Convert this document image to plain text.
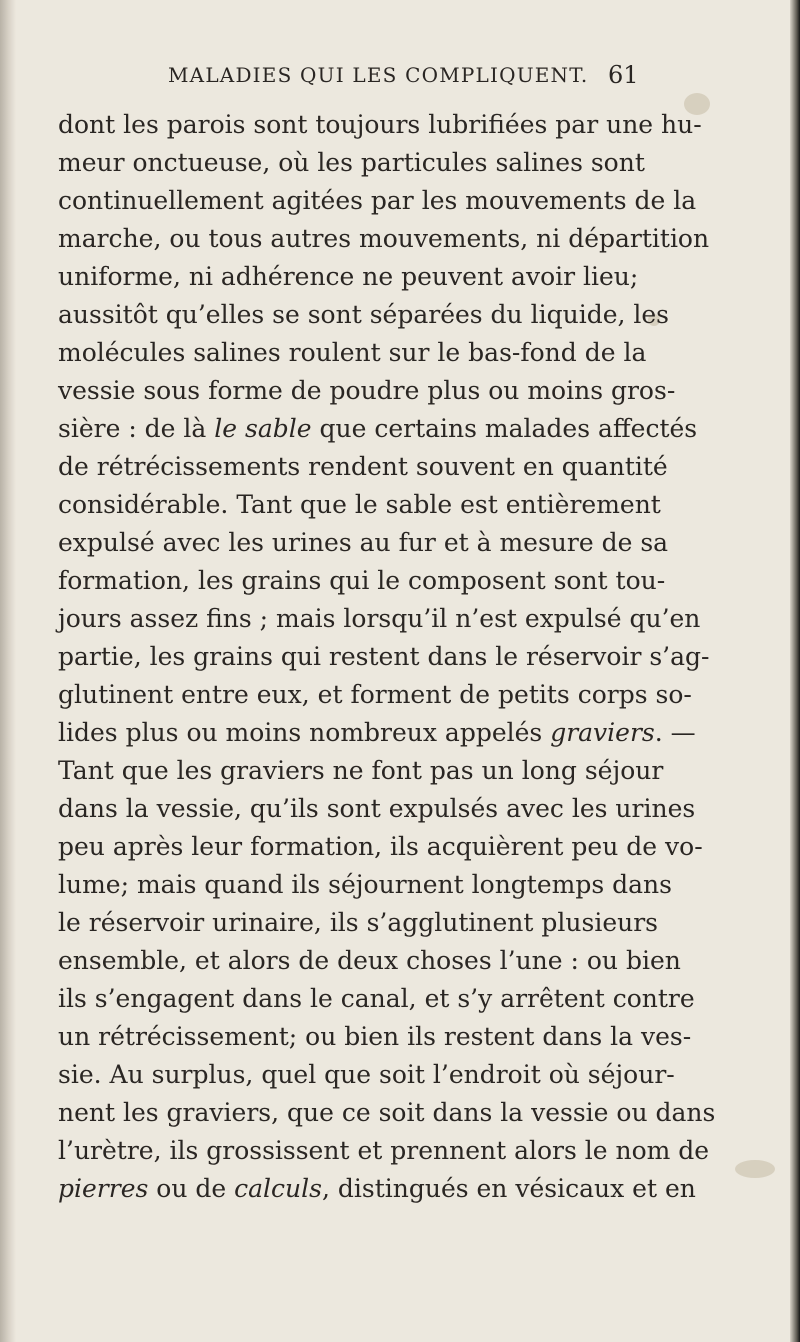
MALADIES QUI LES COMPLIQUENT. 61
dont les parois sont toujours lubrifiées par une hu-
meur onctueuse, où les particules salines sont
continuellement agitées par les mouvements de la
marche, ou tous autres mouvements, ni départition
uniforme, ni adhérence ne peuvent avoir lieu;
aussitôt qu’elles se sont séparées du liquide, les
molécules salines roulent sur le bas-fond de la
vessie sous forme de poudre plus ou moins gros-
sière : de là le sable que certains malades affectés
de rétrécissements rendent souvent en quantité
considérable. Tant que le sable est entièrement
expulsé avec les urines au fur et à mesure de sa
formation, les grains qui le composent sont tou-
jours assez fins ; mais lorsqu’il n’est expulsé qu’en
partie, les grains qui restent dans le réservoir s’ag-
glutinent entre eux, et forment de petits corps so-
lides plus ou moins nombreux appelés graviers. —
Tant que les graviers ne font pas un long séjour
dans la vessie, qu’ils sont expulsés avec les urines
peu après leur formation, ils acquièrent peu de vo-
lume; mais quand ils séjournent longtemps dans
le réservoir urinaire, ils s’agglutinent plusieurs
ensemble, et alors de deux choses l’une : ou bien
ils s’engagent dans le canal, et s’y arrêtent contre
un rétrécissement; ou bien ils restent dans la ves-
sie. Au surplus, quel que soit l’endroit où séjour-
nent les graviers, que ce soit dans la vessie ou dans
l’urètre, ils grossissent et prennent alors le nom de
pierres ou de calculs, distingués en vésicaux et en
